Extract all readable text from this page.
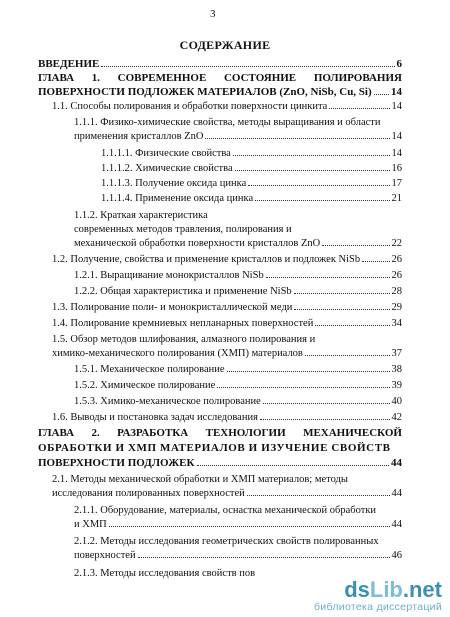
3
СОДЕРЖАНИЕ
ВВЕДЕНИЕ	6
ГЛАВА 1. СОВРЕМЕННОЕ СОСТОЯНИЕ ПОЛИРОВАНИЯ
ПОВЕРХНОСТИ ПОДЛОЖЕК МАТЕРИАЛОВ (ZnO, NiSb, Cu, Si) 14
1.1. Способы полирования и обработки поверхности цинкита	14
1.1.1. Физико-химические свойства, методы выращивания и области
применения кристаллов ZnO	14
1.1.1.1. Физические свойства	14
1.1.1.2. Химические свойства	16
1.1.1.3. Получение оксида цинка	17
1.1.1.4. Применение оксида цинка	21
1.1.2. Краткая характеристика
современных методов травления, полирования и
механической обработки поверхности кристаллов ZnO	22
1.2. Получение, свойства и применение кристаллов и подложек NiSb	26
1.2.1. Выращивание монокристаллов NiSb	26
1.2.2. Общая характеристика и применение NiSb	28
1.3. Полирование поли- и монокристаллической меди	29
1.4. Полирование кремниевых непланарных поверхностей	34
1.5. Обзор методов шлифования, алмазного полирования и
химико-механического полирования (ХМП) материалов	37
1.5.1. Механическое полирование	38
1.5.2. Химическое полирование	39
1.5.3. Химико-механическое полирование	40
1.6. Выводы и постановка задач исследования	42
ГЛАВА 2. РАЗРАБОТКА ТЕХНОЛОГИИ МЕХАНИЧЕСКОЙ
ОБРАБОТКИ И ХМП МАТЕРИАЛОВ И ИЗУЧЕНИЕ СВОЙСТВ
ПОВЕРХНОСТИ ПОДЛОЖЕК	44
2.1. Методы механической обработки и ХМП материалов; методы
исследования полированных поверхностей	44
2.1.1. Оборудование, материалы, оснастка механической обработки
и ХМП	44
2.1.2. Методы исследования геометрических свойств полированных
поверхностей	46
2.1.3. Методы исследования свойств пов
dsLib.net
библиотека диссертаций
